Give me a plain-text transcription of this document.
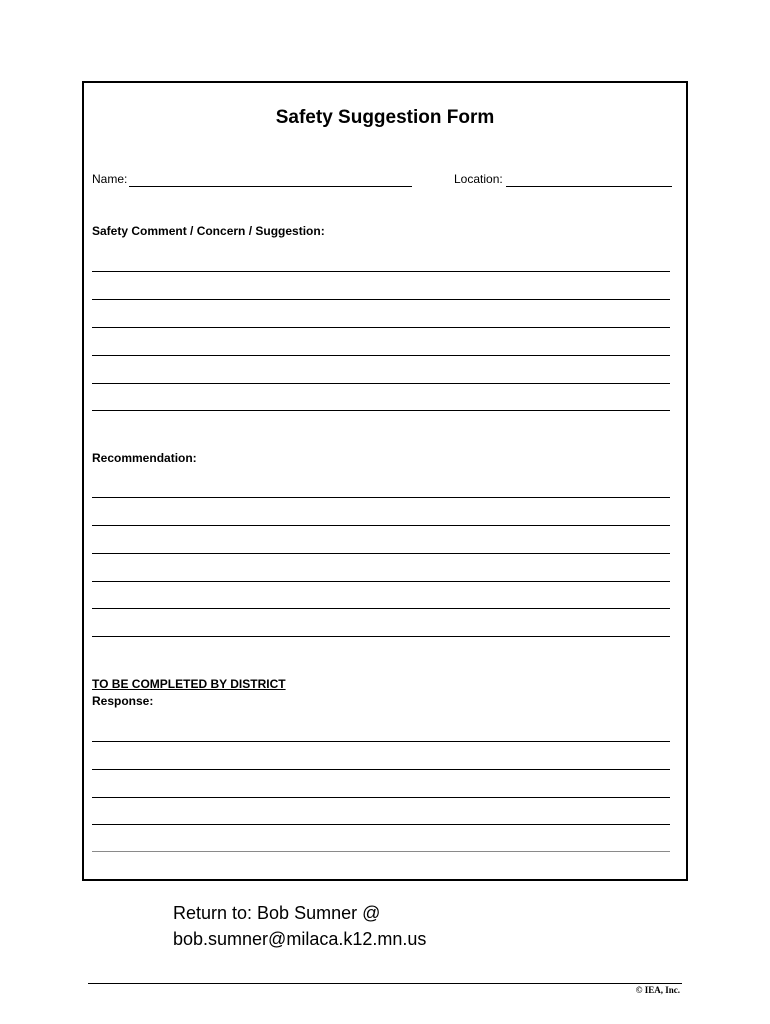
Safety Suggestion Form
Name:	Location:
Safety Comment / Concern / Suggestion:
Recommendation:
TO BE COMPLETED BY DISTRICT
Response:
Return to: Bob Sumner @
bob.sumner@milaca.k12.mn.us
© IEA, Inc.
